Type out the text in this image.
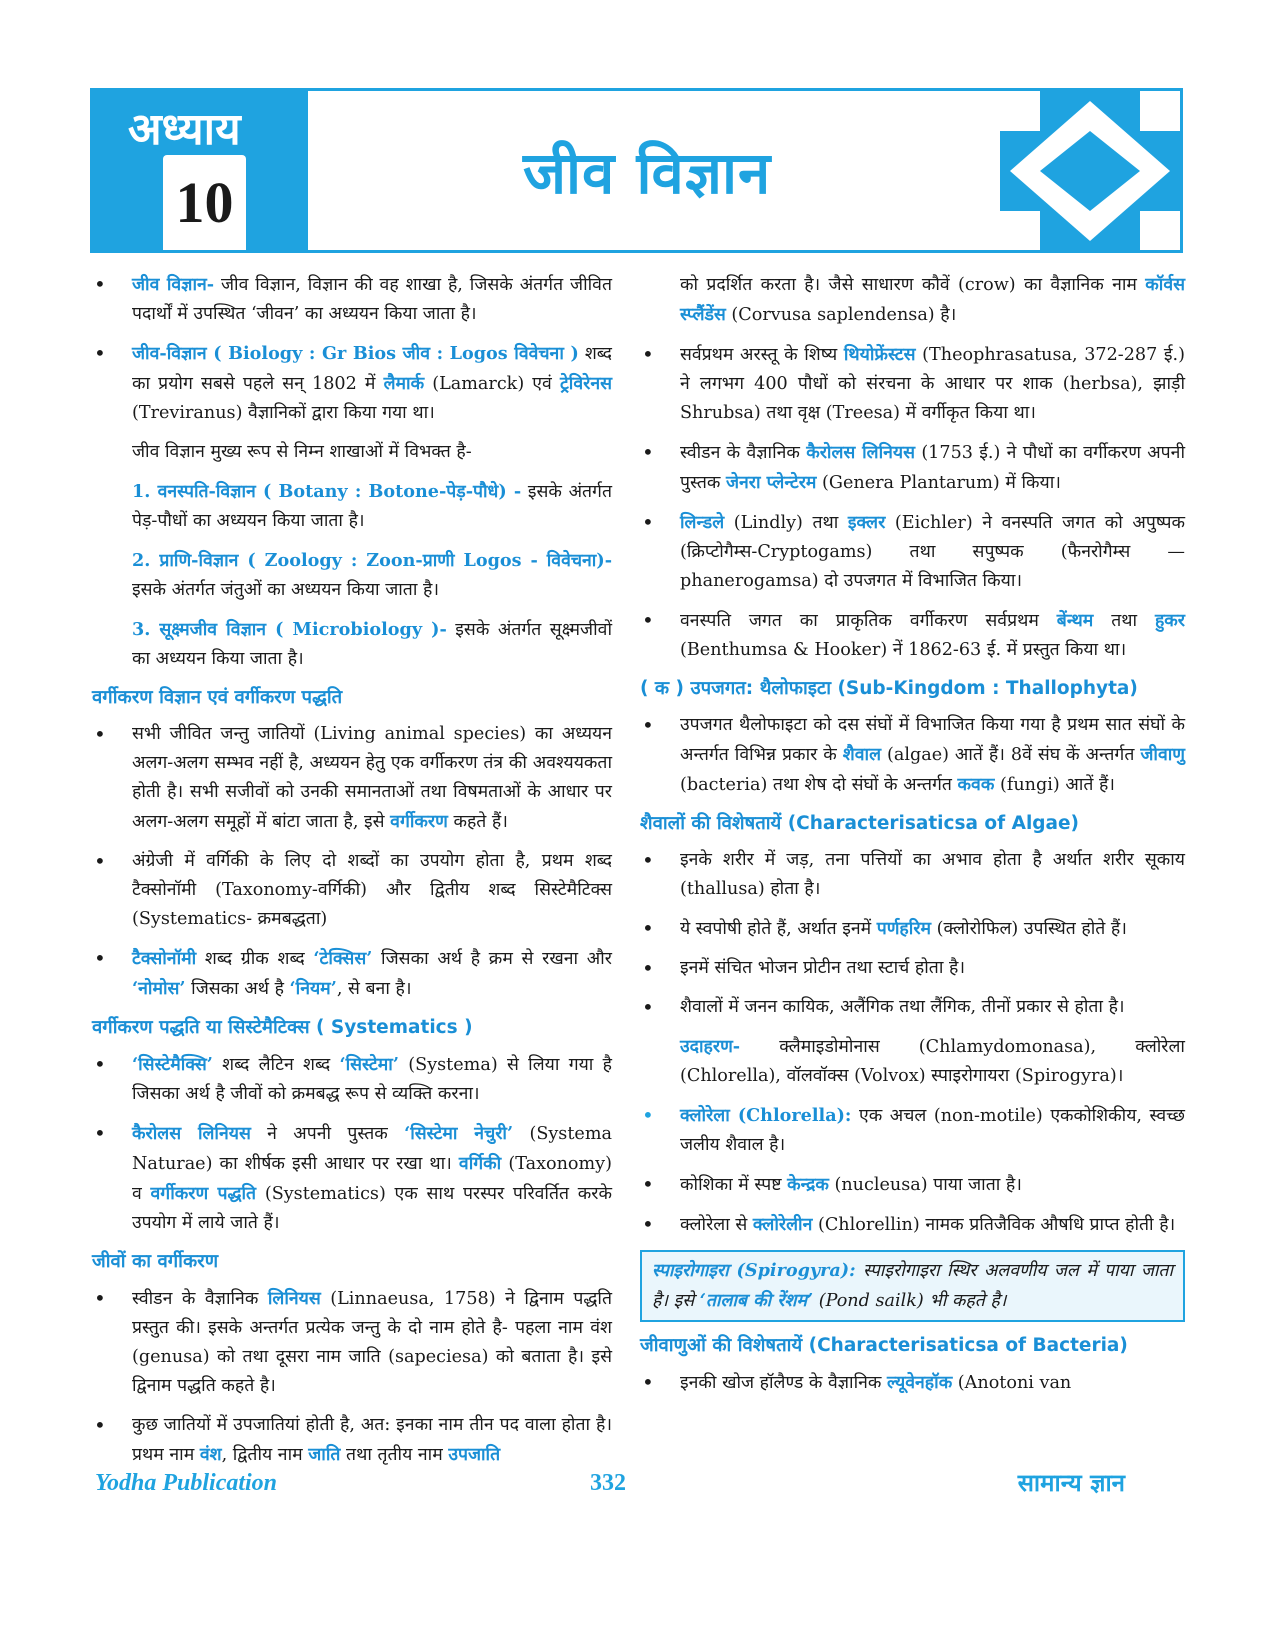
अध्याय
10	जीव विज्ञान
• जीव विज्ञान- जीव विज्ञान, विज्ञान की वह शाखा है, जिसके अंतर्गत जीवित पदार्थों में उपस्थित ‘जीवन’ का अध्ययन किया जाता है।
• जीव-विज्ञान ( Biology : Gr Bios जीव : Logos विवेचना ) शब्द का प्रयोग सबसे पहले सन् 1802 में लैमार्क (Lamarck) एवं ट्रेविरेनस (Treviranus) वैज्ञानिकों द्वारा किया गया था।
जीव विज्ञान मुख्य रूप से निम्न शाखाओं में विभक्त है-
1. वनस्पति-विज्ञान ( Botany : Botone-पेड़-पौधे) - इसके अंतर्गत पेड़-पौधों का अध्ययन किया जाता है।
2. प्राणि-विज्ञान ( Zoology : Zoon-प्राणी Logos - विवेचना)- इसके अंतर्गत जंतुओं का अध्ययन किया जाता है।
3. सूक्ष्मजीव विज्ञान ( Microbiology )- इसके अंतर्गत सूक्ष्मजीवों का अध्ययन किया जाता है।
वर्गीकरण विज्ञान एवं वर्गीकरण पद्धति
• सभी जीवित जन्तु जातियों (Living animal species) का अध्ययन अलग-अलग सम्भव नहीं है, अध्ययन हेतु एक वर्गीकरण तंत्र की अवश्ययकता होती है। सभी सजीवों को उनकी समानताओं तथा विषमताओं के आधार पर अलग-अलग समूहों में बांटा जाता है, इसे वर्गीकरण कहते हैं।
• अंग्रेजी में वर्गिकी के लिए दो शब्दों का उपयोग होता है, प्रथम शब्द टैक्सोनॉमी (Taxonomy-वर्गिकी) और द्वितीय शब्द सिस्टेमैटिक्स (Systematics- क्रमबद्धता)
• टैक्सोनॉमी शब्द ग्रीक शब्द ‘टेक्सिस’ जिसका अर्थ है क्रम से रखना और ‘नोमोस’ जिसका अर्थ है ‘नियम’, से बना है।
वर्गीकरण पद्धति या सिस्टेमैटिक्स ( Systematics )
• ‘सिस्टेमैक्सि’ शब्द लैटिन शब्द ‘सिस्टेमा’ (Systema) से लिया गया है जिसका अर्थ है जीवों को क्रमबद्ध रूप से व्यक्ति करना।
• कैरोलस लिनियस ने अपनी पुस्तक ‘सिस्टेमा नेचुरी’ (Systema Naturae) का शीर्षक इसी आधार पर रखा था। वर्गिकी (Taxonomy) व वर्गीकरण पद्धति (Systematics) एक साथ परस्पर परिवर्तित करके उपयोग में लाये जाते हैं।
जीवों का वर्गीकरण
• स्वीडन के वैज्ञानिक लिनियस (Linnaeusa, 1758) ने द्विनाम पद्धति प्रस्तुत की। इसके अन्तर्गत प्रत्येक जन्तु के दो नाम होते है- पहला नाम वंश (genusa) को तथा दूसरा नाम जाति (sapeciesa) को बताता है। इसे द्विनाम पद्धति कहते है।
• कुछ जातियों में उपजातियां होती है, अत: इनका नाम तीन पद वाला होता है। प्रथम नाम वंश, द्वितीय नाम जाति तथा तृतीय नाम उपजाति
को प्रदर्शित करता है। जैसे साधारण कौवें (crow) का वैज्ञानिक नाम कॉर्वस स्प्लैंडेंस (Corvusa saplendensa) है।
• सर्वप्रथम अरस्तू के शिष्य थियोफ्रेंस्टस (Theophrasatusa, 372-287 ई.) ने लगभग 400 पौधों को संरचना के आधार पर शाक (herbsa), झाड़ी Shrubsa) तथा वृक्ष (Treesa) में वर्गीकृत किया था।
• स्वीडन के वैज्ञानिक कैरोलस लिनियस (1753 ई.) ने पौधों का वर्गीकरण अपनी पुस्तक जेनरा प्लेन्टेरम (Genera Plantarum) में किया।
• लिन्डले (Lindly) तथा इक्लर (Eichler) ने वनस्पति जगत को अपुष्पक (क्रिप्टोगैम्स-Cryptogams) तथा सपुष्पक (फैनरोगैम्स — phanerogamsa) दो उपजगत में विभाजित किया।
• वनस्पति जगत का प्राकृतिक वर्गीकरण सर्वप्रथम बेंन्थम तथा हुकर (Benthumsa & Hooker) नें 1862-63 ई. में प्रस्तुत किया था।
( क ) उपजगत: थैलोफाइटा (Sub-Kingdom : Thallophyta)
• उपजगत थैलोफाइटा को दस संघों में विभाजित किया गया है प्रथम सात संघों के अन्तर्गत विभिन्न प्रकार के शैवाल (algae) आतें हैं। 8वें संघ कें अन्तर्गत जीवाणु (bacteria) तथा शेष दो संघों के अन्तर्गत कवक (fungi) आतें हैं।
शैवालों की विशेषतायें (Characterisaticsa of Algae)
• इनके शरीर में जड़, तना पत्तियों का अभाव होता है अर्थात शरीर सूकाय (thallusa) होता है।
• ये स्वपोषी होते हैं, अर्थात इनमें पर्णहरिम (क्लोरोफिल) उपस्थित होते हैं।
• इनमें संचित भोजन प्रोटीन तथा स्टार्च होता है।
• शैवालों में जनन कायिक, अलैंगिक तथा लैंगिक, तीनों प्रकार से होता है।
उदाहरण- क्लैमाइडोमोनास (Chlamydomonasa), क्लोरेला (Chlorella), वॉलवॉक्स (Volvox) स्पाइरोगायरा (Spirogyra)।
• क्लोरेला (Chlorella): एक अचल (non-motile) एककोशिकीय, स्वच्छ जलीय शैवाल है।
• कोशिका में स्पष्ट केन्द्रक (nucleusa) पाया जाता है।
• क्लोरेला से क्लोरेलीन (Chlorellin) नामक प्रतिजैविक औषधि प्राप्त होती है।
स्पाइरोगाइरा (Spirogyra): स्पाइरोगाइरा स्थिर अलवणीय जल में पाया जाता है। इसे ‘तालाब की रेंशम’ (Pond sailk) भी कहते है।
जीवाणुओं की विशेषतायें (Characterisaticsa of Bacteria)
• इनकी खोज हॉलैण्ड के वैज्ञानिक ल्यूवेनहॉक (Anotoni van
Yodha Publication	332	सामान्य ज्ञान
